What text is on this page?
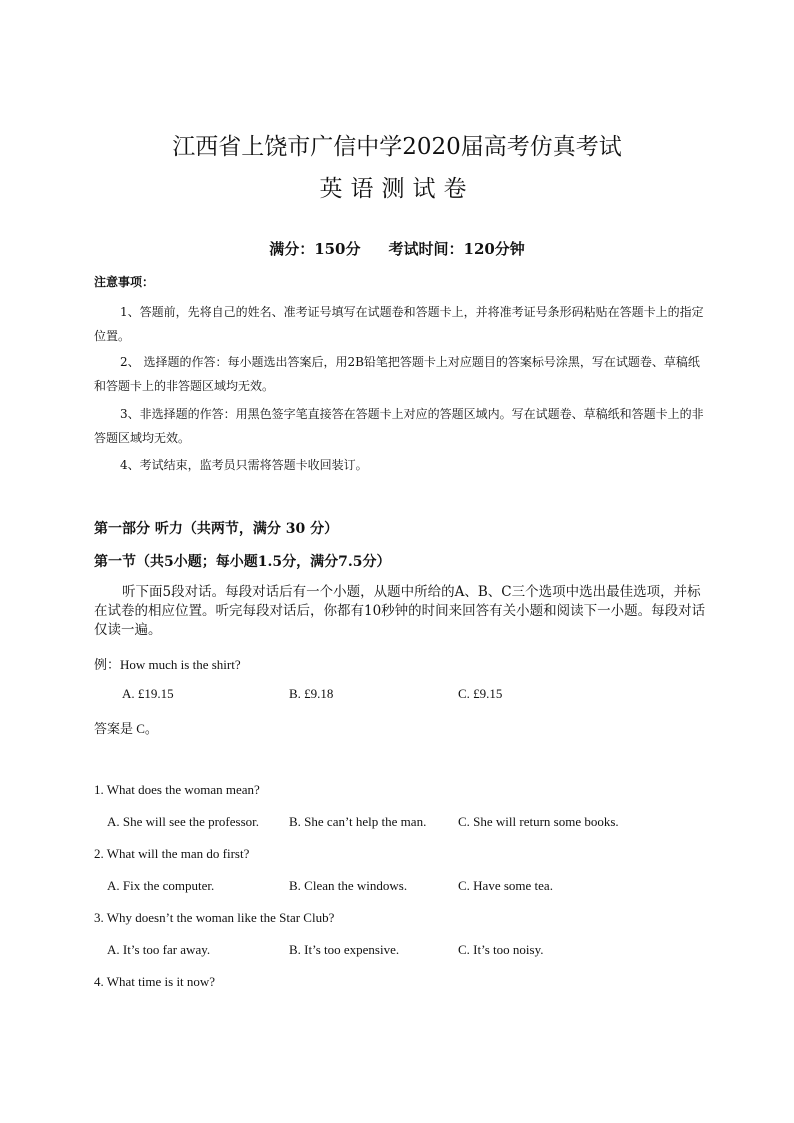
江西省上饶市广信中学2020届高考仿真考试
英语测试卷
满分：150分 考试时间：120分钟
注意事项：
1、答题前，先将自己的姓名、准考证号填写在试题卷和答题卡上，并将准考证号条形码粘贴在答题卡上的指定位置。
2、 选择题的作答：每小题选出答案后，用2B铅笔把答题卡上对应题目的答案标号涂黑，写在试题卷、草稿纸和答题卡上的非答题区域均无效。
3、非选择题的作答：用黑色签字笔直接答在答题卡上对应的答题区域内。写在试题卷、草稿纸和答题卡上的非答题区域均无效。
4、考试结束，监考员只需将答题卡收回装订。
第一部分 听力（共两节，满分 30 分）
第一节（共5小题；每小题1.5分，满分7.5分）
听下面5段对话。每段对话后有一个小题，从题中所给的A、B、C三个选项中选出最佳选项，并标在试卷的相应位置。听完每段对话后，你都有10秒钟的时间来回答有关小题和阅读下一小题。每段对话仅读一遍。
例：How much is the shirt?
A. £19.15	B. £9.18	C. £9.15
答案是 C。
1. What does the woman mean?
A. She will see the professor. B. She can’t help the man. C. She will return some books.
2. What will the man do first?
A. Fix the computer.	B. Clean the windows.	C. Have some tea.
3. Why doesn’t the woman like the Star Club?
A. It’s too far away.	B. It’s too expensive.	C. It’s too noisy.
4. What time is it now?
